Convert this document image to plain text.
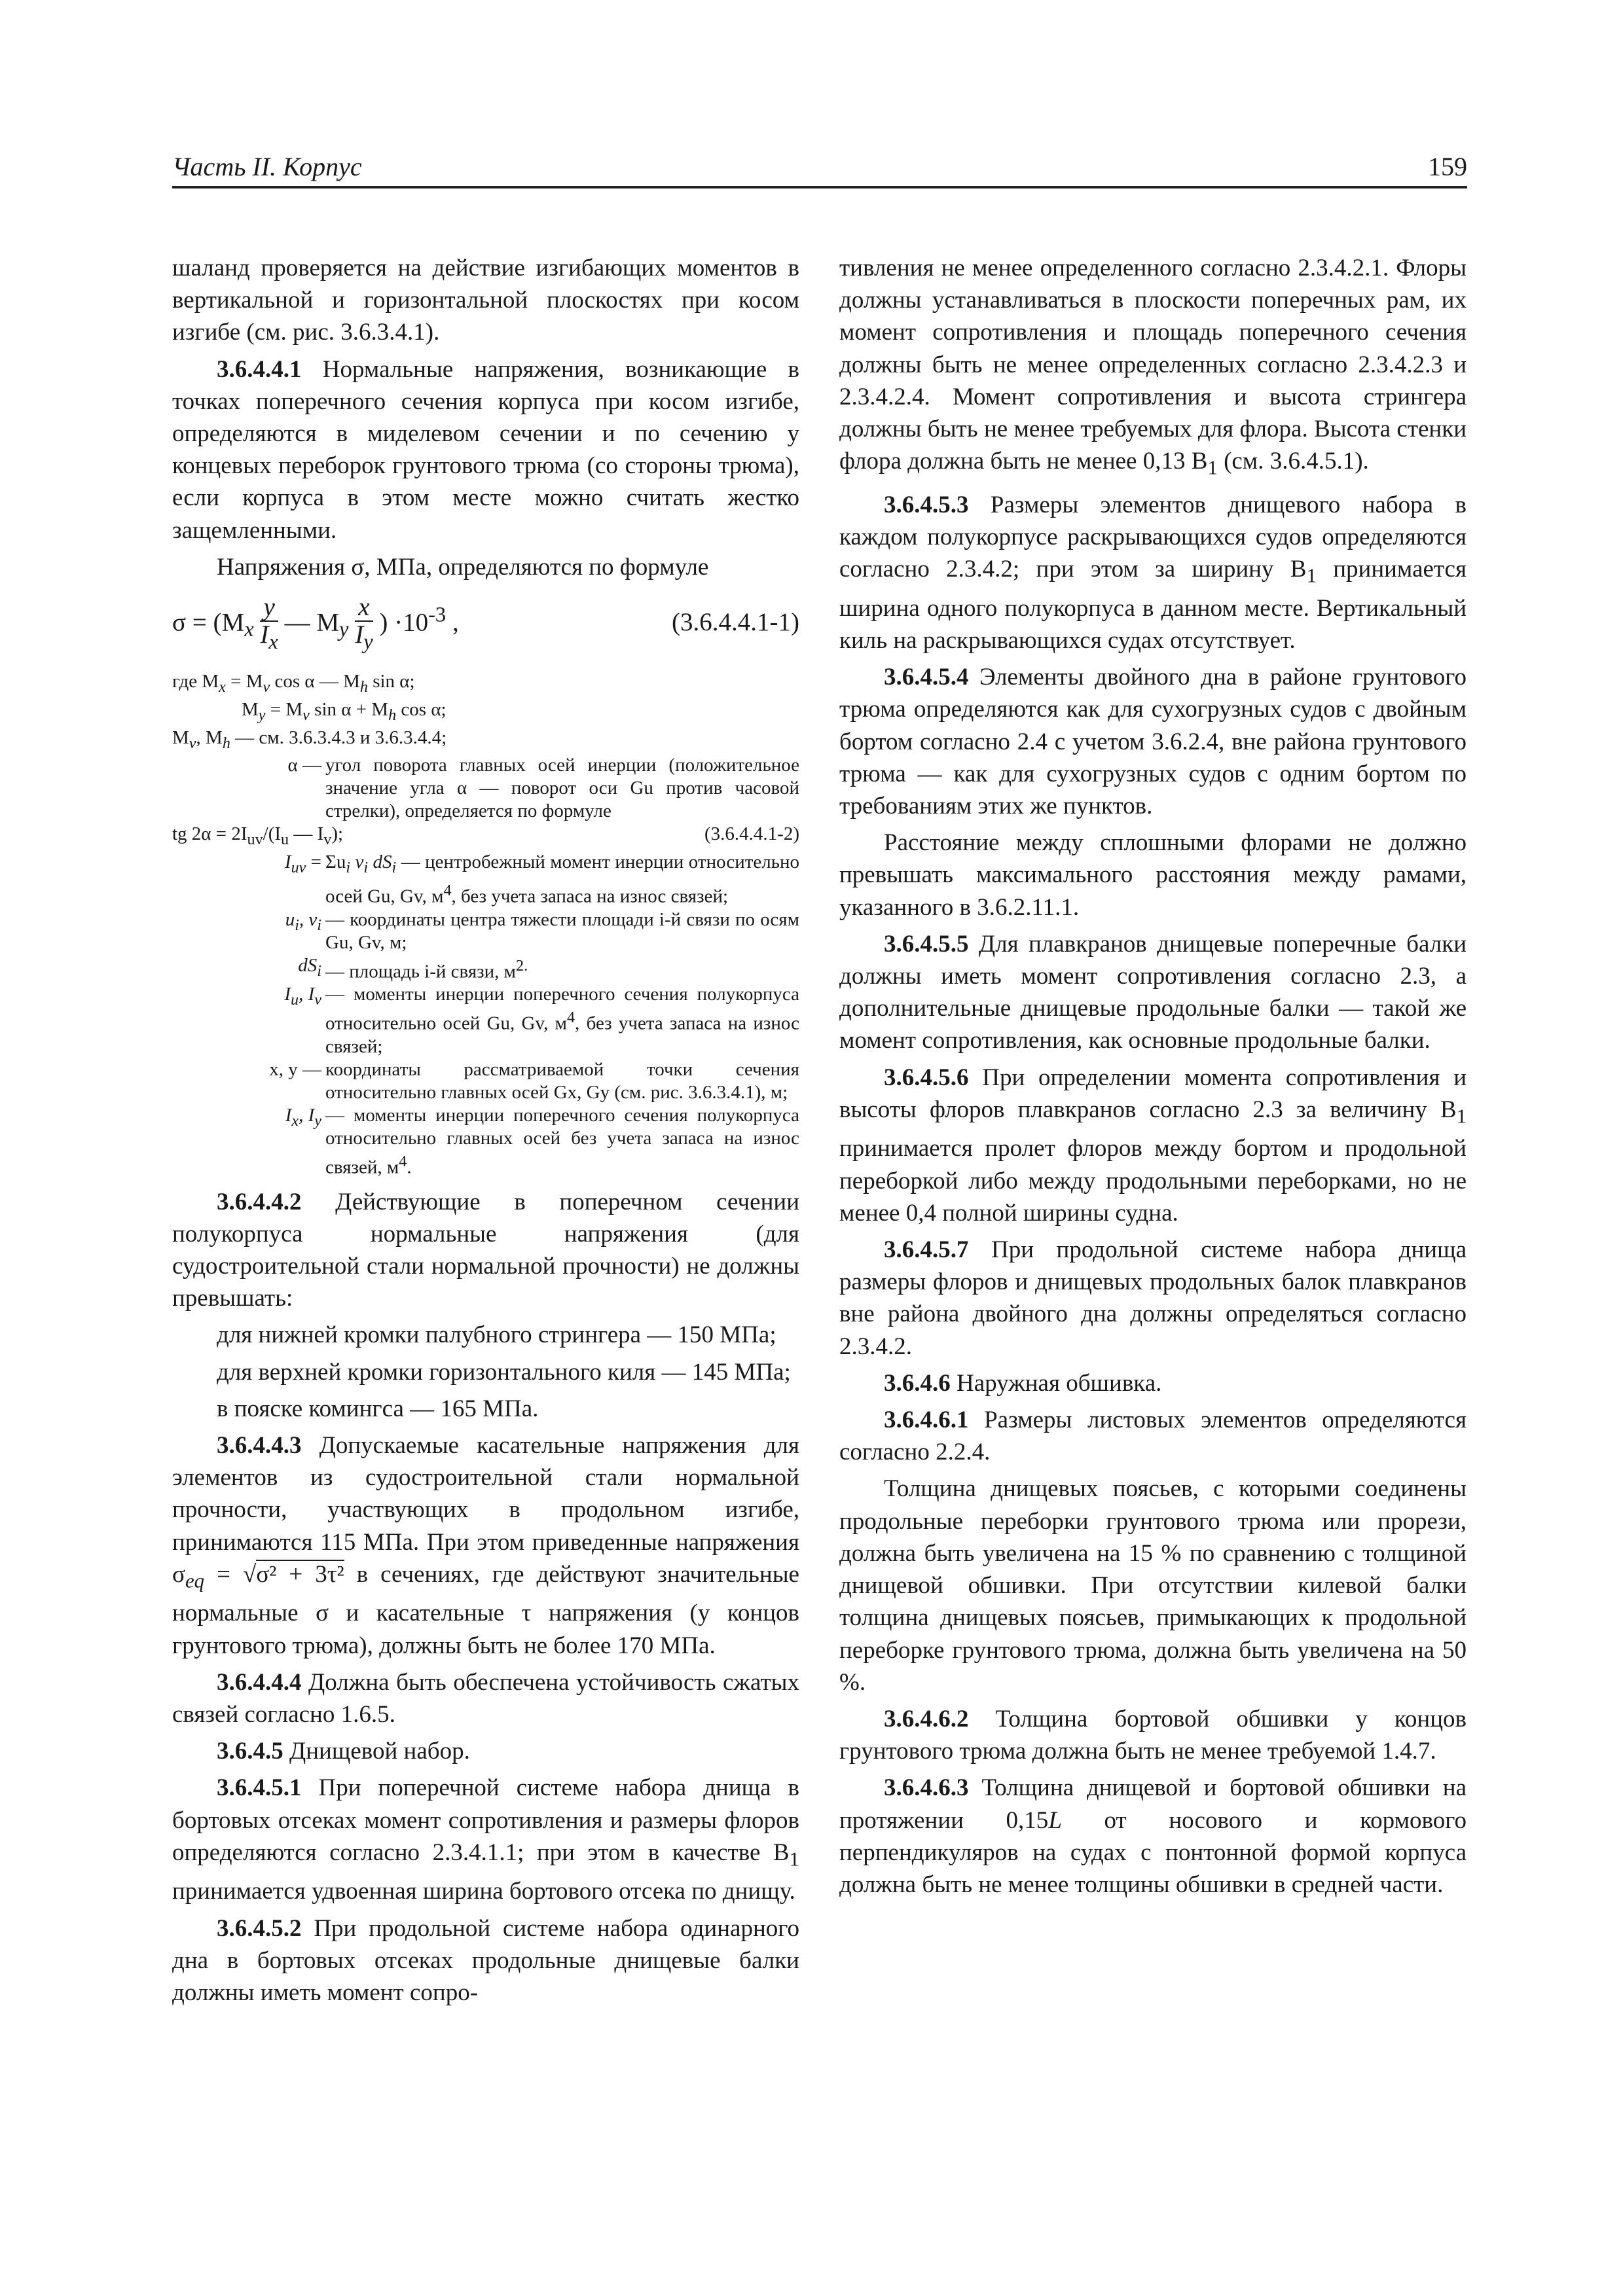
Часть II. Корпус	159

шаланд проверяется на действие изгибающих моментов в вертикальной и горизонтальной плоскостях при косом изгибе (см. рис. 3.6.3.4.1).

3.6.4.4.1 Нормальные напряжения, возникающие в точках поперечного сечения корпуса при косом изгибе, определяются в миделевом сечении и по сечению у концевых переборок грунтового трюма (со стороны трюма), если корпуса в этом месте можно считать жестко защемленными.

Напряжения σ, МПа, определяются по формуле

$\sigma = (M_x \frac{y}{I_x}$ — $M_y \frac{x}{I_y}$ ) $\cdot 10^{-3}$ ,	(3.6.4.4.1-1)
где $M_x = M_v$ cos α — $M_h$ sin α;
$M_y = M_v$ $\sin \alpha + M_h$ cos α;
$M_v$, $M_h$ — см. 3.6.3.4.3 и 3.6.3.4.4;
α — угол поворота главных осей инерции (положительное значение угла α — поворот оси Gu против часовой стрелки), определяется по формуле
tg $2\alpha = 2I_{uv}/(I_u$ — $I_v$);	(3.6.4.4.1-2)
$I_{uv} = \Sigma u_i$ $v_i$ $dS_i$ — центробежный момент инерции относительно осей Gu, Gv, $м^4$, без учета запаса на износ связей;
$u_i$, $v_i$ — координаты центра тяжести площади i-й связи по осям Gu, Gv, м;
$dS_i$ — площадь i-й связи, $м^{2.}$
$I_u$, $I_v$ — моменты инерции поперечного сечения полукорпуса относительно осей Gu, Gv, $м^4$, без учета запаса на износ связей;
x, y — координаты рассматриваемой точки сечения относительно главных осей Gx, Gy (см. рис. 3.6.3.4.1), м;
$I_x$, $I_y$ — моменты инерции поперечного сечения полукорпуса относительно главных осей без учета запаса на износ связей, $м^4$.

3.6.4.4.2 Действующие в поперечном сечении полукорпуса нормальные напряжения (для судостроительной стали нормальной прочности) не должны превышать:

для нижней кромки палубного стрингера — 150 МПа;

для верхней кромки горизонтального киля — 145 МПа;

в пояске комингса — 165 МПа.

3.6.4.4.3 Допускаемые касательные напряжения для элементов из судостроительной стали нормальной прочности, участвующих в продольном изгибе, принимаются 115 МПа. При этом приведенные напряжения $\sigma_{eq} = √\sigma^2 + 3\tau^2$ в сечениях, где действуют значительные нормальные σ и касательные τ напряжения (у концов грунтового трюма), должны быть не более 170 МПа.

3.6.4.4.4 Должна быть обеспечена устойчивость сжатых связей согласно 1.6.5.

3.6.4.5 Днищевой набор.

3.6.4.5.1 При поперечной системе набора днища в бортовых отсеках момент сопротивления и размеры флоров определяются согласно 2.3.4.1.1; при этом в качестве $B_1$ принимается удвоенная ширина бортового отсека по днищу.

3.6.4.5.2 При продольной системе набора одинарного дна в бортовых отсеках продольные днищевые балки должны иметь момент сопро-

тивления не менее определенного согласно 2.3.4.2.1. Флоры должны устанавливаться в плоскости поперечных рам, их момент сопротивления и площадь поперечного сечения должны быть не менее определенных согласно 2.3.4.2.3 и 2.3.4.2.4. Момент сопротивления и высота стрингера должны быть не менее требуемых для флора. Высота стенки флора должна быть не менее 0,13 $B_1$ (см. 3.6.4.5.1).

3.6.4.5.3 Размеры элементов днищевого набора в каждом полукорпусе раскрывающихся судов определяются согласно 2.3.4.2; при этом за ширину $B_1$ принимается ширина одного полукорпуса в данном месте. Вертикальный киль на раскрывающихся судах отсутствует.

3.6.4.5.4 Элементы двойного дна в районе грунтового трюма определяются как для сухогрузных судов с двойным бортом согласно 2.4 с учетом 3.6.2.4, вне района грунтового трюма — как для сухогрузных судов с одним бортом по требованиям этих же пунктов.

Расстояние между сплошными флорами не должно превышать максимального расстояния между рамами, указанного в 3.6.2.11.1.

3.6.4.5.5 Для плавкранов днищевые поперечные балки должны иметь момент сопротивления согласно 2.3, а дополнительные днищевые продольные балки — такой же момент сопротивления, как основные продольные балки.

3.6.4.5.6 При определении момента сопротивления и высоты флоров плавкранов согласно 2.3 за величину $B_1$ принимается пролет флоров между бортом и продольной переборкой либо между продольными переборками, но не менее 0,4 полной ширины судна.

3.6.4.5.7 При продольной системе набора днища размеры флоров и днищевых продольных балок плавкранов вне района двойного дна должны определяться согласно 2.3.4.2.

3.6.4.6 Наружная обшивка.

3.6.4.6.1 Размеры листовых элементов определяются согласно 2.2.4.

Толщина днищевых поясьев, с которыми соединены продольные переборки грунтового трюма или прорези, должна быть увеличена на 15 % по сравнению с толщиной днищевой обшивки. При отсутствии килевой балки толщина днищевых поясьев, примыкающих к продольной переборке грунтового трюма, должна быть увеличена на 50 %.

3.6.4.6.2 Толщина бортовой обшивки у концов грунтового трюма должна быть не менее требуемой 1.4.7.

3.6.4.6.3 Толщина днищевой и бортовой обшивки на протяжении 0,15L от носового и кормового перпендикуляров на судах с понтонной формой корпуса должна быть не менее толщины обшивки в средней части.
